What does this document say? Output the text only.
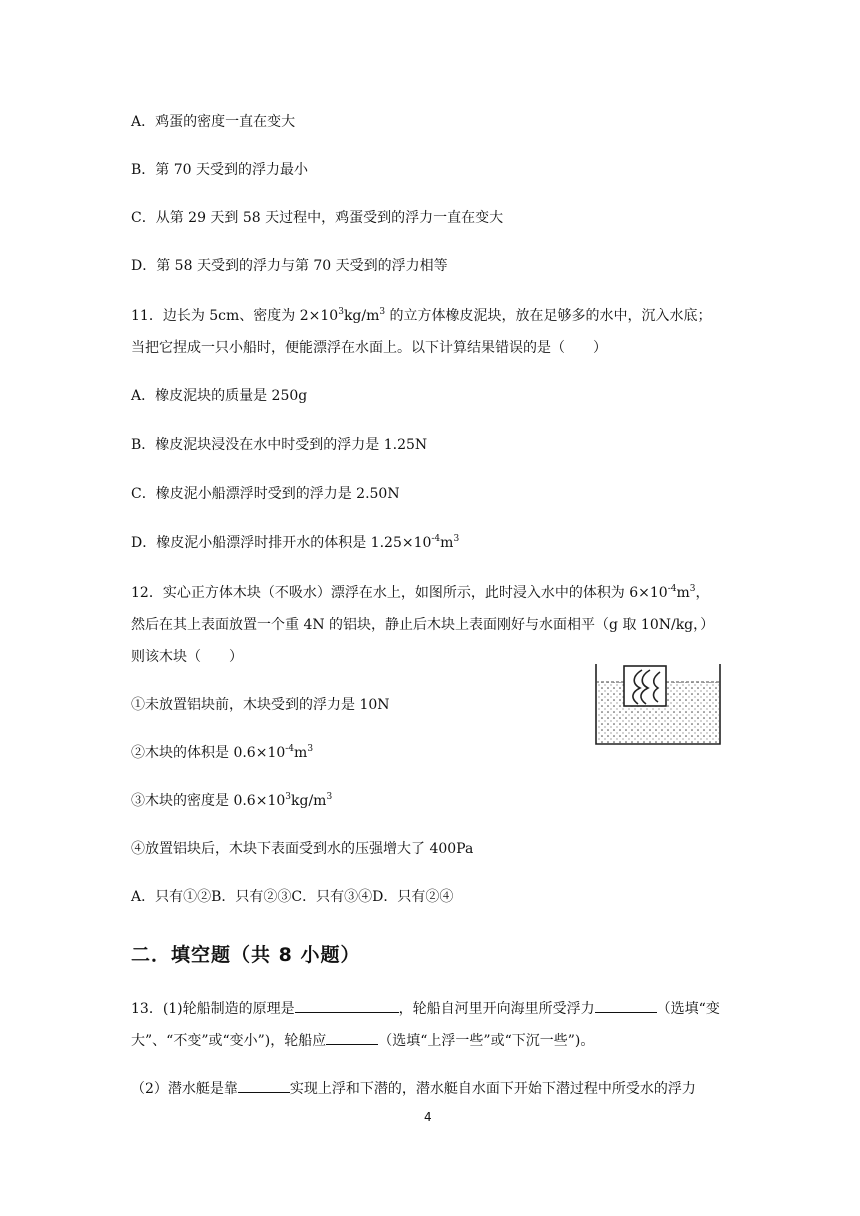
A．鸡蛋的密度一直在变大
B．第 70 天受到的浮力最小
C．从第 29 天到 58 天过程中，鸡蛋受到的浮力一直在变大
D．第 58 天受到的浮力与第 70 天受到的浮力相等
11．边长为 5cm、密度为 $2\times 10^3kg/m^3$ 的立方体橡皮泥块，放在足够多的水中，沉入水底；
当把它捏成一只小船时，便能漂浮在水面上。以下计算结果错误的是（　　）
A．橡皮泥块的质量是 250g
B．橡皮泥块浸没在水中时受到的浮力是 1.25N
C．橡皮泥小船漂浮时受到的浮力是 2.50N
D．橡皮泥小船漂浮时排开水的体积是 $1.25\times 10^{-4}m^3$
12．实心正方体木块（不吸水）漂浮在水上，如图所示，此时浸入水中的体积为 $6\times 10^{-4}m^3$，
然后在其上表面放置一个重 4N 的铝块，静止后木块上表面刚好与水面相平（g 取 10N/kg，）
则该木块（　　）
①未放置铝块前，木块受到的浮力是 10N
②木块的体积是 $0.6\times 10^{-4}m^3$
③木块的密度是 $0.6\times 10^3kg/m^3$
④放置铝块后，木块下表面受到水的压强增大了 400Pa
A．只有①②B．只有②③C．只有③④D．只有②④
二．填空题（共 8 小题）
13．(1)轮船制造的原理是	，轮船自河里开向海里所受浮力	（选填“变
大”、“不变”或“变小”)，轮船应	（选填“上浮一些”或“下沉一些”)。
（2）潜水艇是靠	实现上浮和下潜的，潜水艇自水面下开始下潜过程中所受水的浮力
4
